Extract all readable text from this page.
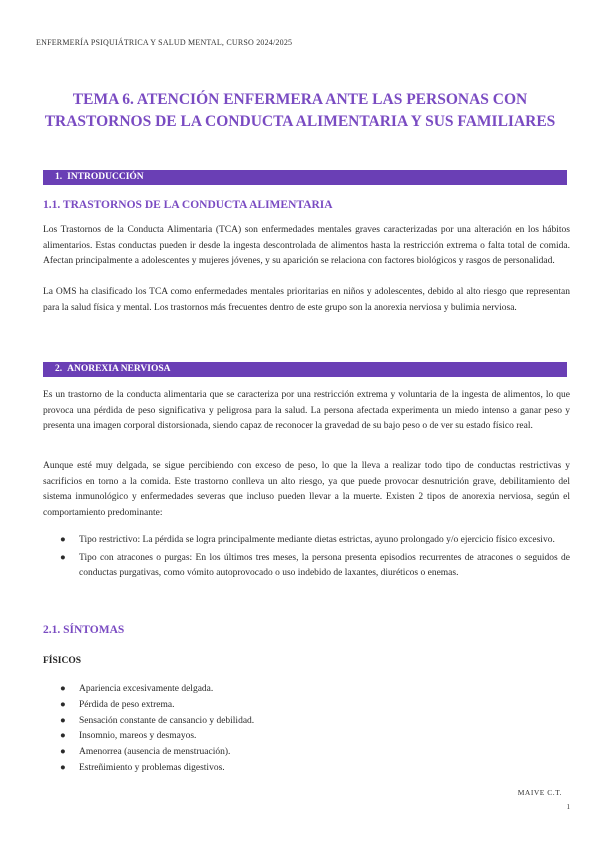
ENFERMERÍA PSIQUIÁTRICA Y SALUD MENTAL, CURSO 2024/2025
TEMA 6. ATENCIÓN ENFERMERA ANTE LAS PERSONAS CON
TRASTORNOS DE LA CONDUCTA ALIMENTARIA Y SUS FAMILIARES
1. INTRODUCCIÓN
1.1. TRASTORNOS DE LA CONDUCTA ALIMENTARIA
Los Trastornos de la Conducta Alimentaria (TCA) son enfermedades mentales graves caracterizadas por una alteración en los hábitos alimentarios. Estas conductas pueden ir desde la ingesta descontrolada de alimentos hasta la restricción extrema o falta total de comida. Afectan principalmente a adolescentes y mujeres jóvenes, y su aparición se relaciona con factores biológicos y rasgos de personalidad.
La OMS ha clasificado los TCA como enfermedades mentales prioritarias en niños y adolescentes, debido al alto riesgo que representan para la salud física y mental. Los trastornos más frecuentes dentro de este grupo son la anorexia nerviosa y bulimia nerviosa.
2. ANOREXIA NERVIOSA
Es un trastorno de la conducta alimentaria que se caracteriza por una restricción extrema y voluntaria de la ingesta de alimentos, lo que provoca una pérdida de peso significativa y peligrosa para la salud. La persona afectada experimenta un miedo intenso a ganar peso y presenta una imagen corporal distorsionada, siendo capaz de reconocer la gravedad de su bajo peso o de ver su estado físico real.
Aunque esté muy delgada, se sigue percibiendo con exceso de peso, lo que la lleva a realizar todo tipo de conductas restrictivas y sacrificios en torno a la comida. Este trastorno conlleva un alto riesgo, ya que puede provocar desnutrición grave, debilitamiento del sistema inmunológico y enfermedades severas que incluso pueden llevar a la muerte. Existen 2 tipos de anorexia nerviosa, según el comportamiento predominante:
● Tipo restrictivo: La pérdida se logra principalmente mediante dietas estrictas, ayuno prolongado y/o ejercicio físico excesivo.
● Tipo con atracones o purgas: En los últimos tres meses, la persona presenta episodios recurrentes de atracones o seguidos de conductas purgativas, como vómito autoprovocado o uso indebido de laxantes, diuréticos o enemas.
2.1. SÍNTOMAS
FÍSICOS
● Apariencia excesivamente delgada.
● Pérdida de peso extrema.
● Sensación constante de cansancio y debilidad.
● Insomnio, mareos y desmayos.
● Amenorrea (ausencia de menstruación).
● Estreñimiento y problemas digestivos.
MAIVE C.T.
1
